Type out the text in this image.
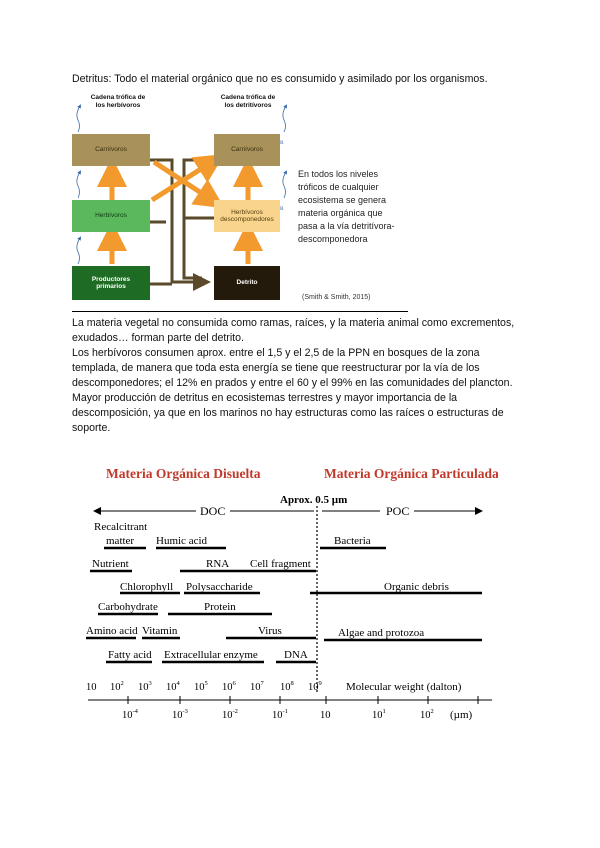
Detritus: Todo el material orgánico que no es consumido y asimilado por los organismos.
Cadena trófica de
los herbívoros
Cadena trófica de
los detritívoros
R
R
Carnívoros
Herbívoros
Productores
primarios
Carnívoros
Herbívoros
descomponedores
Detrito
En todos los niveles
tróficos de cualquier
ecosistema se genera
materia orgánica que
pasa a la vía detritívora-
descomponedora
(Smith & Smith, 2015)
La materia vegetal no consumida como ramas, raíces, y la materia animal como excrementos, exudados… forman parte del detrito.
Los herbívoros consumen aprox. entre el 1,5 y el 2,5 de la PPN en bosques de la zona templada, de manera que toda esta energía se tiene que reestructurar por la vía de los descomponedores; el 12% en prados y entre el 60 y el 99% en las comunidades del plancton.
Mayor producción de detritus en ecosistemas terrestres y mayor importancia de la descomposición, ya que en los marinos no hay estructuras como las raíces o estructuras de soporte.
Materia Orgánica Disuelta	Materia Orgánica Particulada
DOC	POC
Aprox. 0.5 µm
Recalcitrant
matter Humic acid
Nutrient	RNA Cell fragment
Chlorophyll Polysaccharide
Carbohydrate	Protein
Amino acid Vitamin	Virus
Fatty acid Extracellular enzyme DNA
Bacteria
Organic debris
Algae and protozoa
10 $10^2$ $10^3$ $10^4$ $10^5$ $10^6$ $10^7$ $10^8$ $10^9$ Molecular weight (dalton)
$10^{-4}$	$10^{-3}$	$10^{-2}$	$10^{-1}$	10	$10^1$	$10^2$ (µm)
